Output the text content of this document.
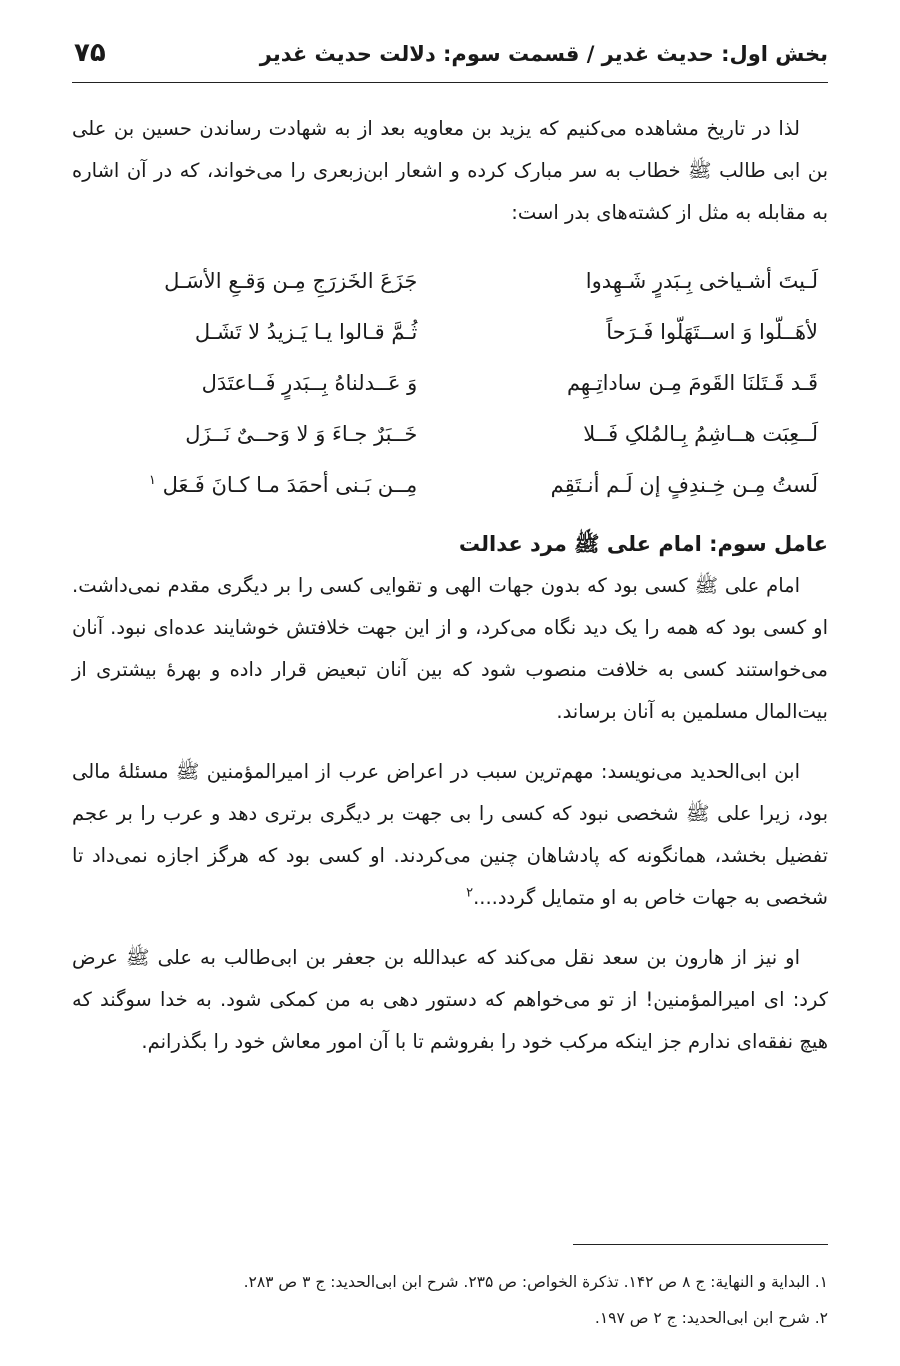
بخش اول: حدیث غدیر / قسمت سوم: دلالت حدیث غدیر
۷۵

لذا در تاریخ مشاهده می‌کنیم که یزید بن معاویه بعد از به شهادت رساندن حسین بن علی بن ابی طالب ﷺ خطاب به سر مبارک کرده و اشعار ابن‌زبعری را می‌خواند، که در آن اشاره به مقابله به مثل از کشته‌های بدر است:

لَـیتَ أشـیاخی بِـبَدرٍ شَـهِدوا
جَزَعَ الخَزرَجِ مِـن وَقـعِ الأسَـل
لأهَــلّوا وَ اســتَهَلّوا فَـرَحاً
ثُـمَّ قـالوا یـا یَـزیدُ لا تَشَـل
قَـد قَـتَلنَا القَومَ مِـن ساداتِـهِم
وَ عَــدلناهُ بِــبَدرٍ فَــاعتَدَل
لَــعِبَت هــاشِمُ بِـالمُلکِ فَــلا
خَــبَرٌ جـاءَ وَ لا وَحــیٌ نَــزَل
لَستُ مِـن خِـندِفٍ إن لَـم أنـتَقِم
مِــن بَـنی أحمَدَ مـا کـانَ فَـعَل $^۱$

عامل سوم: امام علی ﷺ مرد عدالت

امام علی ﷺ کسی بود که بدون جهات الهی و تقوایی کسی را بر دیگری مقدم نمی‌داشت. او کسی بود که همه را یک دید نگاه می‌کرد، و از این جهت خلافتش خوشایند عده‌ای نبود. آنان می‌خواستند کسی به خلافت منصوب شود که بین آنان تبعیض قرار داده و بهرهٔ بیشتری از بیت‌المال مسلمین به آنان برساند.

ابن ابی‌الحدید می‌نویسد: مهم‌ترین سبب در اعراض عرب از امیرالمؤمنین ﷺ مسئلهٔ مالی بود، زیرا علی ﷺ شخصی نبود که کسی را بی جهت بر دیگری برتری دهد و عرب را بر عجم تفضیل بخشد، همانگونه که پادشاهان چنین می‌کردند. او کسی بود که هرگز اجازه نمی‌داد تا شخصی به جهات خاص به او متمایل گردد....$^۲$

او نیز از هارون بن سعد نقل می‌کند که عبدالله بن جعفر بن ابی‌طالب به علی ﷺ عرض کرد: ای امیرالمؤمنین! از تو می‌خواهم که دستور دهی به من کمکی شود. به خدا سوگند که هیچ نفقه‌ای ندارم جز اینکه مرکب خود را بفروشم تا با آن امور معاش خود را بگذرانم.

۱. البدایة و النهایة: ج ۸ ص ۱۴۲. تذکرة الخواص: ص ۲۳۵. شرح ابن ابی‌الحدید: ج ۳ ص ۲۸۳.

۲. شرح ابن ابی‌الحدید: ج ۲ ص ۱۹۷.
